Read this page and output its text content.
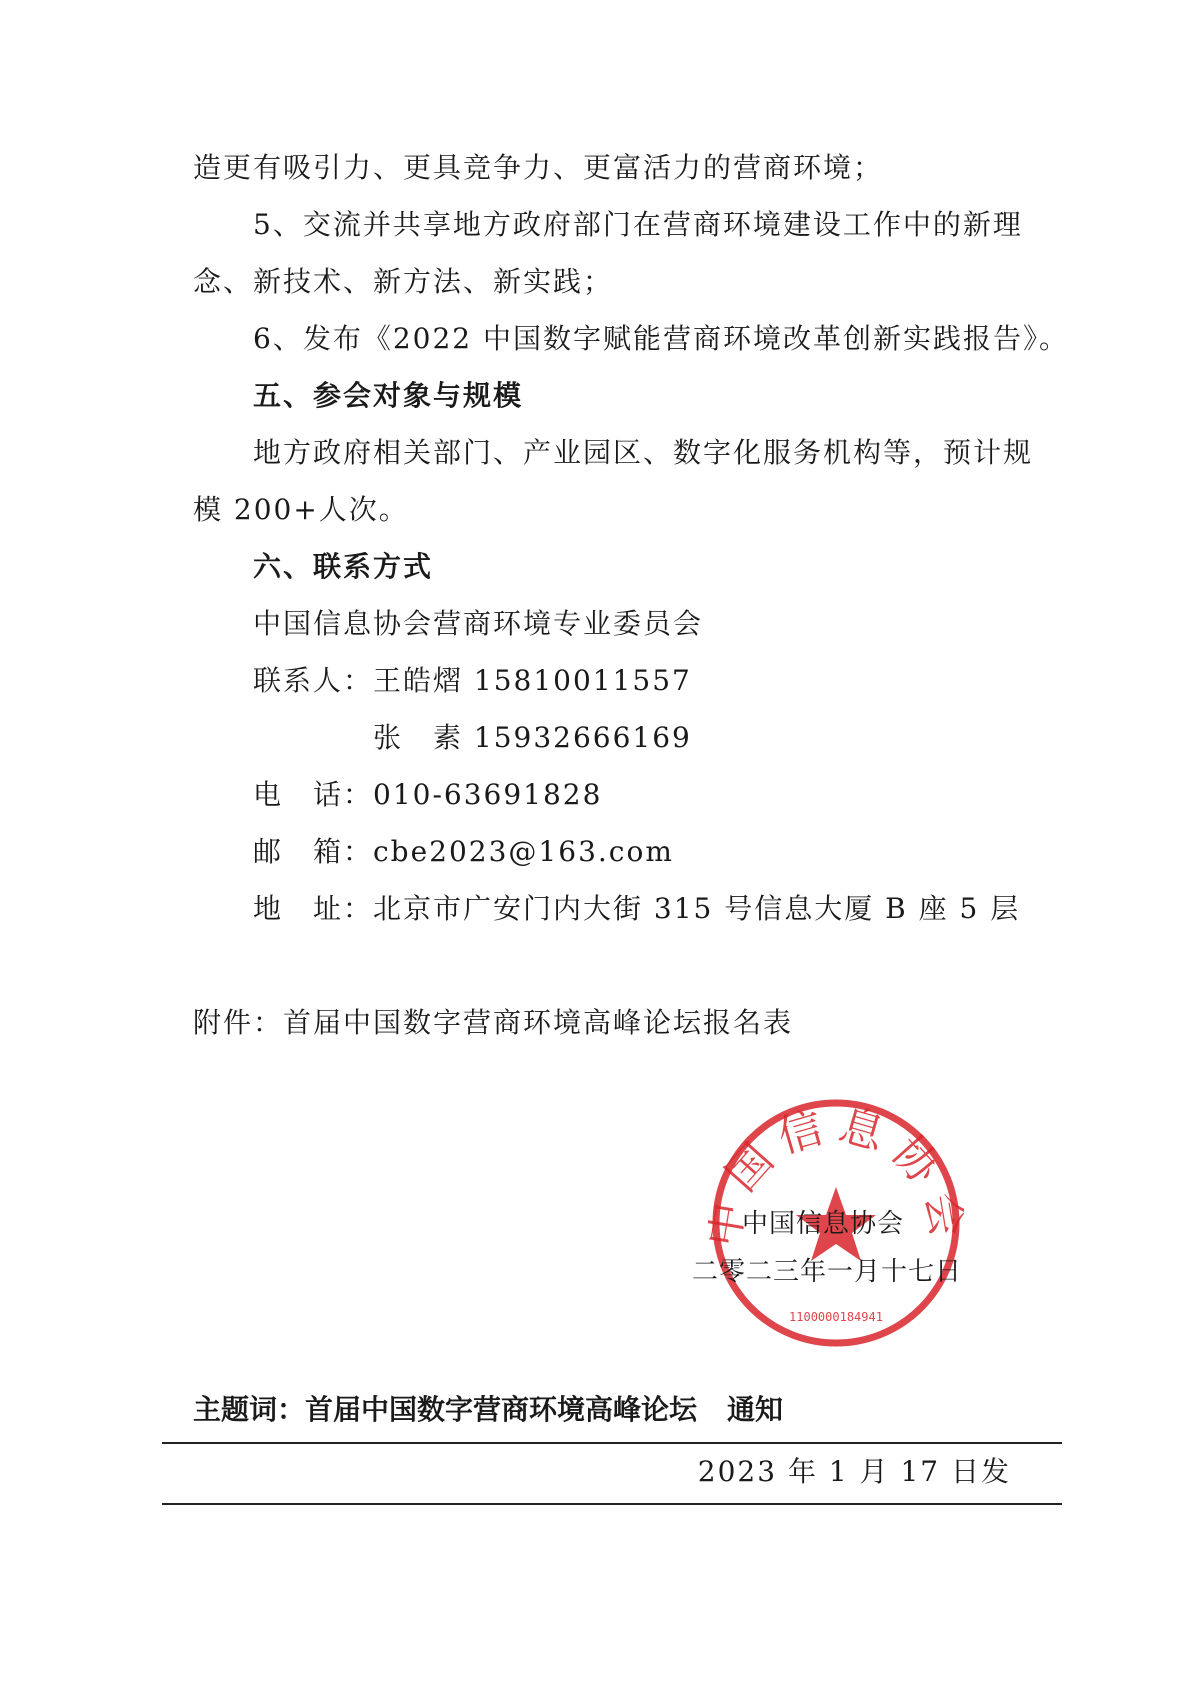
造更有吸引力、更具竞争力、更富活力的营商环境；
5、交流并共享地方政府部门在营商环境建设工作中的新理
念、新技术、新方法、新实践；
6、发布《2022 中国数字赋能营商环境改革创新实践报告》。
五、参会对象与规模
地方政府相关部门、产业园区、数字化服务机构等，预计规
模 200+人次。
六、联系方式
中国信息协会营商环境专业委员会
联系人：王皓熠 15810011557
张　素 15932666169
电　话：010-63691828
邮　箱：cbe2023@163.com
地　址：北京市广安门内大街 315 号信息大厦 B 座 5 层
附件：首届中国数字营商环境高峰论坛报名表
国信息协
1100000184941
中国信息协会
二零二三年一月十七日
主题词：首届中国数字营商环境高峰论坛 通知
2023 年 1 月 17 日发
